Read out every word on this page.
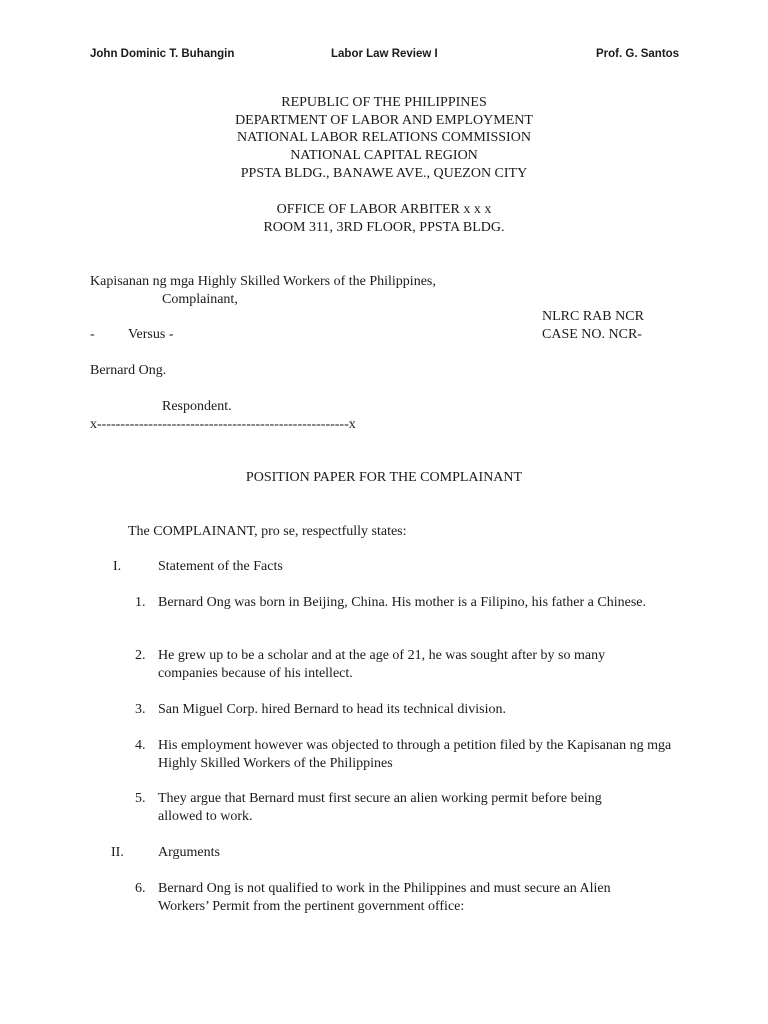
John Dominic T. Buhangin	Labor Law Review I	Prof. G. Santos
REPUBLIC OF THE PHILIPPINES
DEPARTMENT OF LABOR AND EMPLOYMENT
NATIONAL LABOR RELATIONS COMMISSION
NATIONAL CAPITAL REGION
PPSTA BLDG., BANAWE AVE., QUEZON CITY
OFFICE OF LABOR ARBITER x x x
ROOM 311, 3RD FLOOR, PPSTA BLDG.
Kapisanan ng mga Highly Skilled Workers of the Philippines,
Complainant,
NLRC RAB NCR
- Versus -	CASE NO. NCR-
Bernard Ong.
Respondent.
x------------------------------------------------------x
POSITION PAPER FOR THE COMPLAINANT
The COMPLAINANT, pro se, respectfully states:
I.	Statement of the Facts
1. Bernard Ong was born in Beijing, China. His mother is a Filipino, his father a Chinese.
2. He grew up to be a scholar and at the age of 21, he was sought after by so many companies because of his intellect.
3. San Miguel Corp. hired Bernard to head its technical division.
4. His employment however was objected to through a petition filed by the Kapisanan ng mga Highly Skilled Workers of the Philippines
5. They argue that Bernard must first secure an alien working permit before being allowed to work.
II. Arguments
6. Bernard Ong is not qualified to work in the Philippines and must secure an Alien Workers’ Permit from the pertinent government office:
